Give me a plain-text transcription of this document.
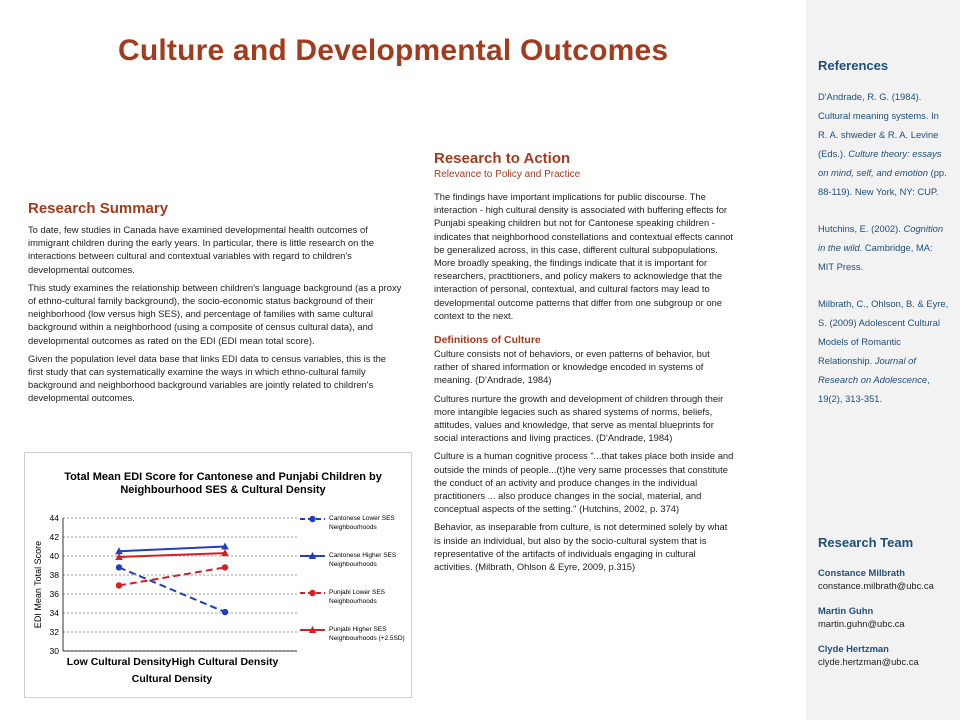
Culture and Developmental Outcomes
Research Summary

To date, few studies in Canada have examined developmental health outcomes of immigrant children during the early years. In particular, there is little research on the interactions between cultural and contextual variables with regard to children's developmental outcomes.

This study examines the relationship between children's language background (as a proxy of ethno-cultural family background), the socio-economic status background of their neighborhood (low versus high SES), and percentage of families with same cultural background within a neighborhood (using a composite of census cultural data), and developmental outcomes as rated on the EDI (EDI mean total score).

Given the population level data base that links EDI data to census variables, this is the first study that can systematically examine the ways in which ethno-cultural family background and neighborhood background variables are jointly related to children's developmental outcomes.

Research to Action

Relevance to Policy and Practice

The findings have important implications for public discourse. The interaction - high cultural density is associated with buffering effects for Punjabi speaking children but not for Cantonese speaking children - indicates that neighborhood constellations and contextual effects cannot be generalized across, in this case, different cultural subpopulations. More broadly speaking, the findings indicate that it is important for researchers, practitioners, and policy makers to acknowledge that the interaction of personal, contextual, and cultural factors may lead to developmental outcome patterns that differ from one subgroup or one context to the next.

Definitions of Culture

Culture consists not of behaviors, or even patterns of behavior, but rather of shared information or knowledge encoded in systems of meaning. (D'Andrade, 1984)

Cultures nurture the growth and development of children through their more intangible legacies such as shared systems of norms, beliefs, attitudes, values and knowledge, that serve as mental blueprints for social interactions and living practices. (D'Andrade, 1984)

Culture is a human cognitive process "...that takes place both inside and outside the minds of people...(t)he very same processes that constitute the conduct of an activity and produce changes in the individual practitioners ... also produce changes in the social, material, and conceptual aspects of the setting." (Hutchins, 2002, p. 374)

Behavior, as inseparable from culture, is not determined solely by what is inside an individual, but also by the socio-cultural system that is representative of the artifacts of individuals engaging in cultural activities. (Milbrath, Ohlson & Eyre, 2009, p.315)

Total Mean EDI Score for Cantonese and Punjabi Children by
Neighbourhood SES & Cultural Density
30
32
34
36
38
40
42
44
Low Cultural Density High Cultural Density
Cultural Density
EDI Mean Total Score
Cantonese Lower SES
Neighbourhoods
Cantonese Higher SES
Neighbourhoods
Punjabi Lower SES
Neighbourhoods
Punjabi Higher SES
Neighbourhoods (+2.5SD)
References

D'Andrade, R. G. (1984). Cultural meaning systems. In R. A. shweder & R. A. Levine (Eds.). Culture theory: essays on mind, self, and emotion (pp. 88-119). New York, NY: CUP.

Hutchins, E. (2002). Cognition in the wild. Cambridge, MA: MIT Press.

Milbrath, C., Ohlson, B. & Eyre, S. (2009) Adolescent Cultural Models of Romantic Relationship. Journal of Research on Adolescence, 19(2), 313-351.

Research Team
Constance Milbrath
constance.milbrath@ubc.ca
Martin Guhn
martin.guhn@ubc.ca
Clyde Hertzman
clyde.hertzman@ubc.ca
